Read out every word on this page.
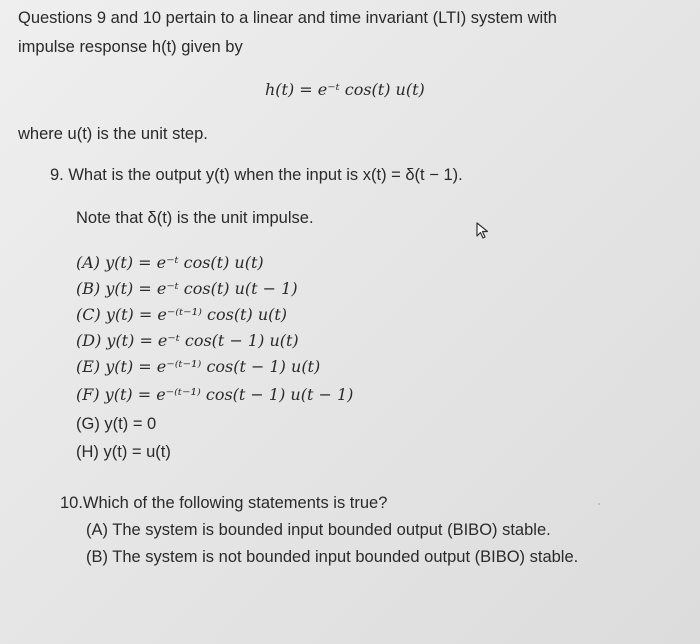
Questions 9 and 10 pertain to a linear and time invariant (LTI) system with
impulse response h(t) given by
h(t) = e⁻ᵗ cos(t) u(t)
where u(t) is the unit step.
9. What is the output y(t) when the input is x(t) = δ(t − 1).
Note that δ(t) is the unit impulse.
(A) y(t) = e⁻ᵗ cos(t) u(t)
(B) y(t) = e⁻ᵗ cos(t) u(t − 1)
(C) y(t) = e⁻⁽ᵗ⁻¹⁾ cos(t) u(t)
(D) y(t) = e⁻ᵗ cos(t − 1) u(t)
(E) y(t) = e⁻⁽ᵗ⁻¹⁾ cos(t − 1) u(t)
(F) y(t) = e⁻⁽ᵗ⁻¹⁾ cos(t − 1) u(t − 1)
(G) y(t) = 0
(H) y(t) = u(t)
10.Which of the following statements is true?
(A) The system is bounded input bounded output (BIBO) stable.
(B) The system is not bounded input bounded output (BIBO) stable.
